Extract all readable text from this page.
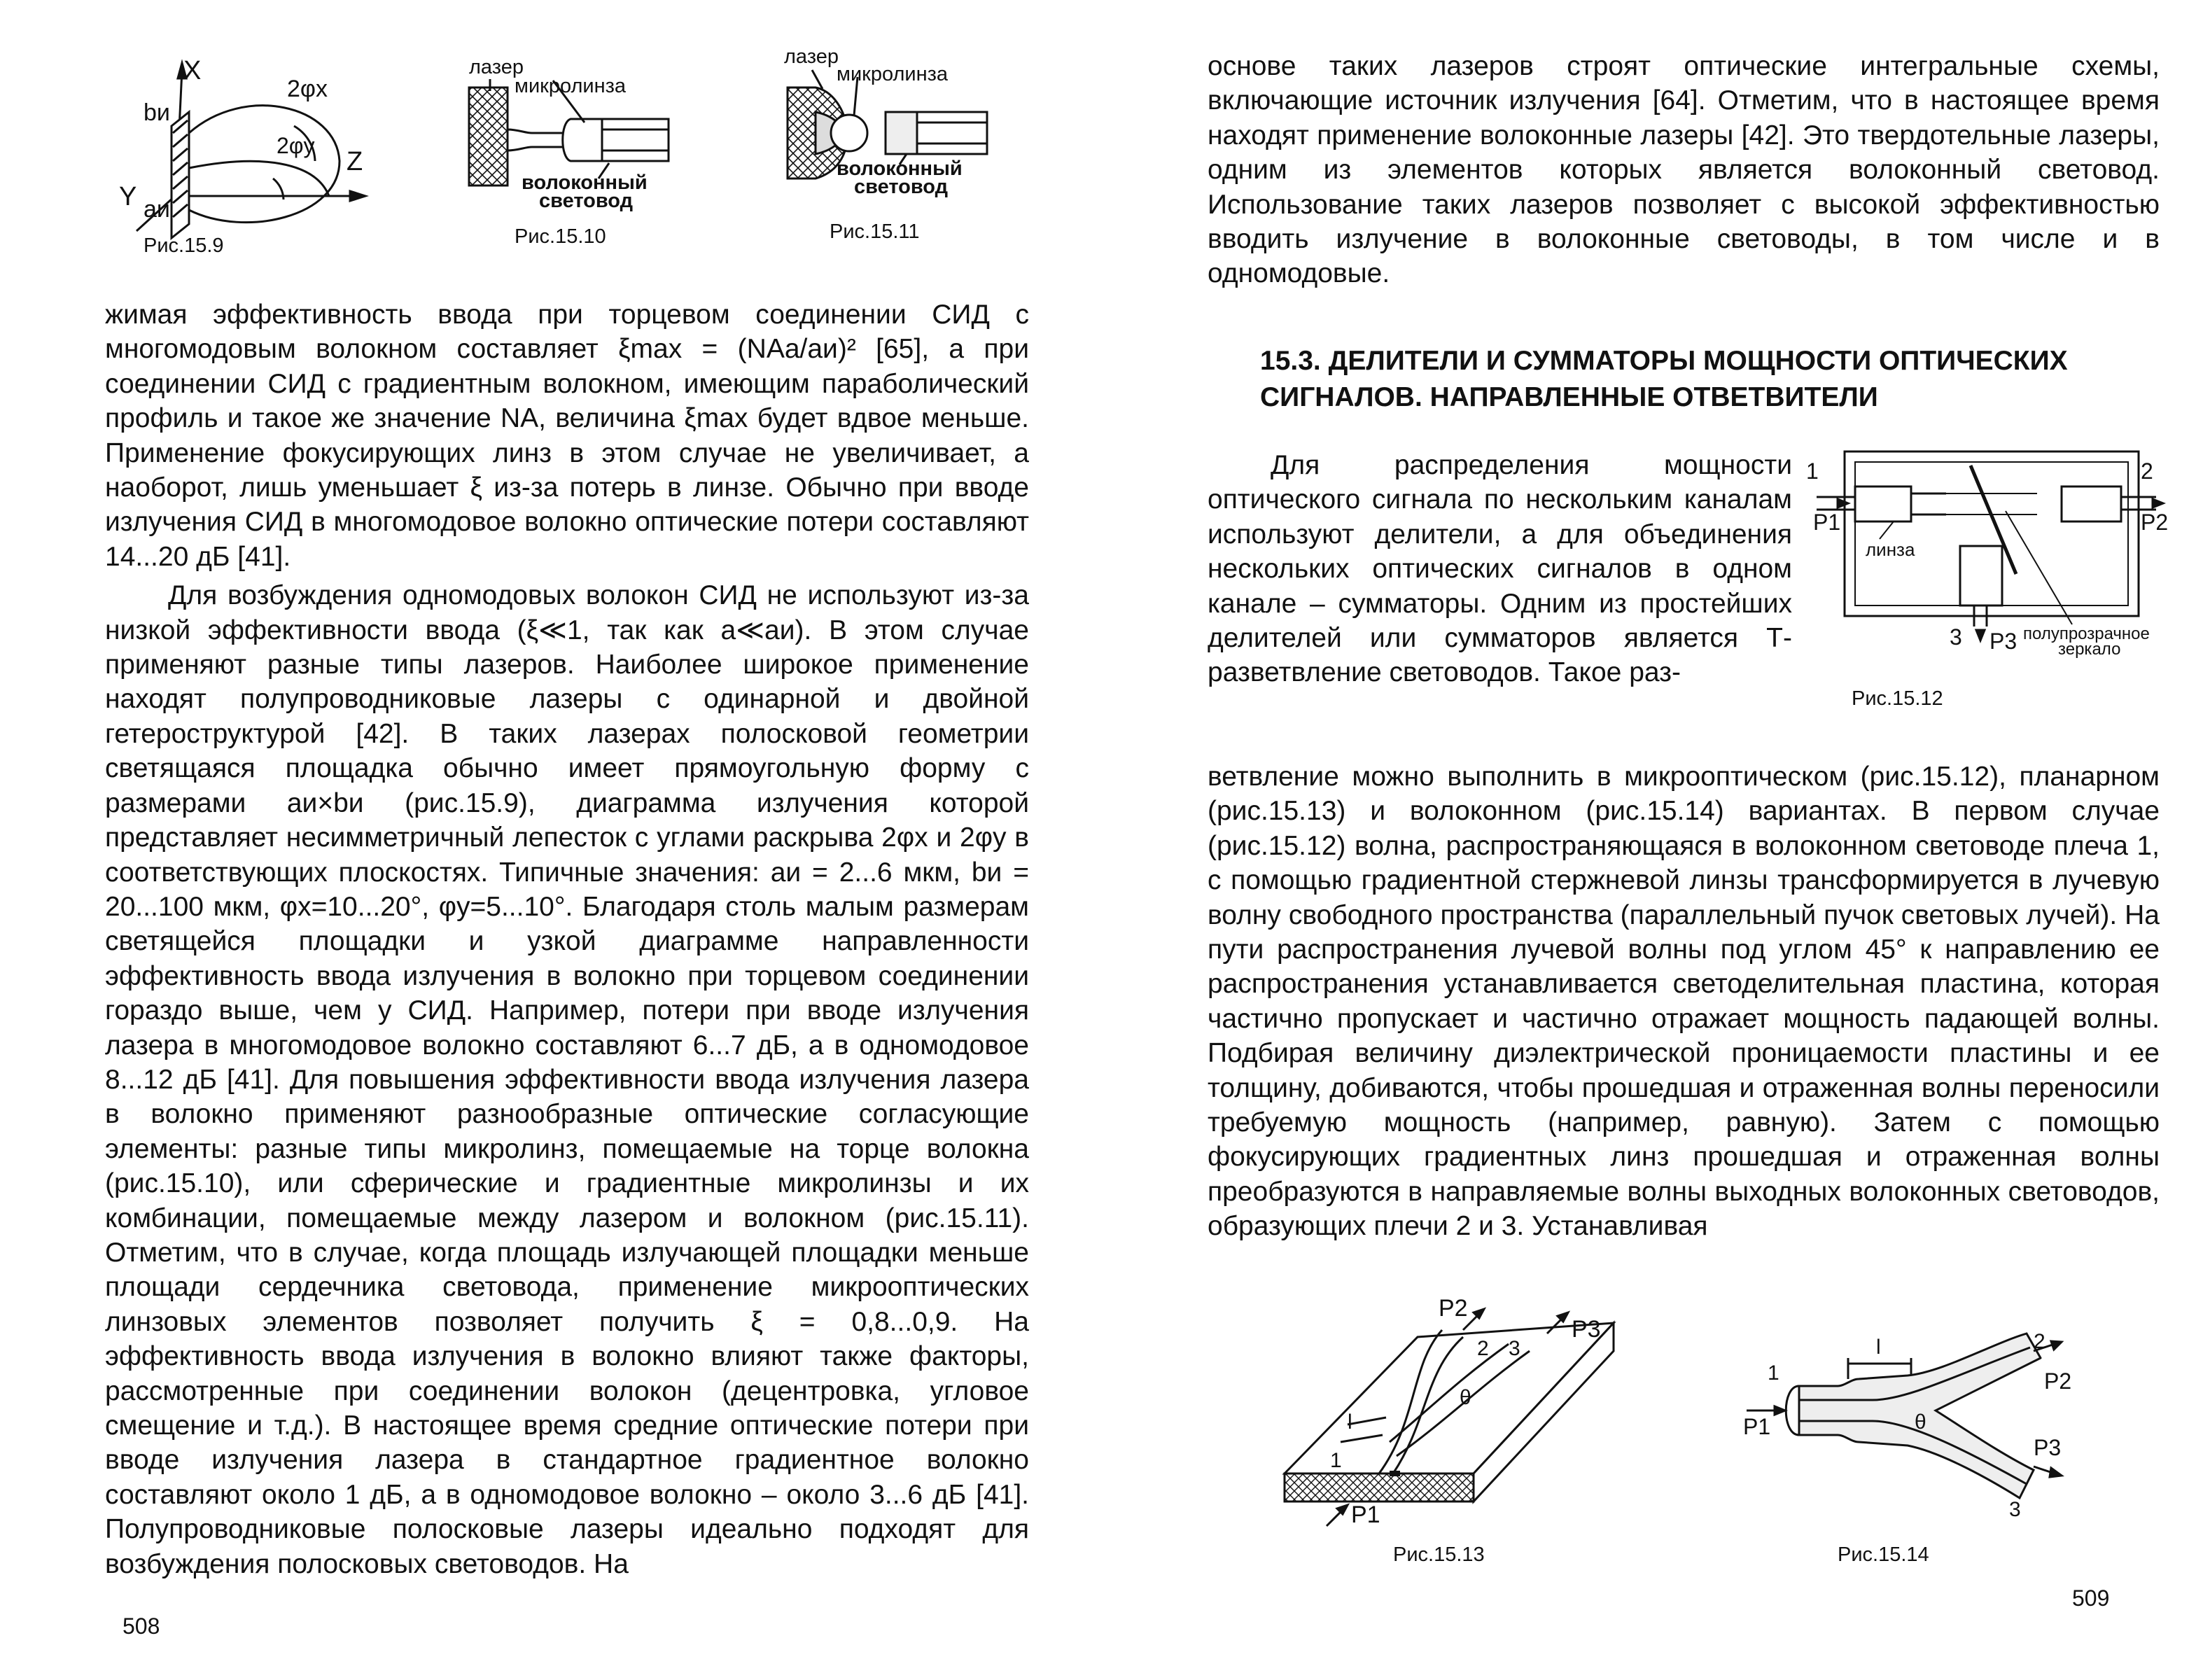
X
bи
2φx
2φy
Z
Y aи
Рис.15.9
лазер
микролинза
волоконный
световод
Рис.15.10
лазер
микролинза
волоконный
световод
Рис.15.11

жимая эффективность ввода при торцевом соединении СИД с многомодовым волокном составляет ξmax = (NAa/aи)² [65], а при соединении СИД с градиентным волокном, имеющим параболический профиль и такое же значение NA, величина ξmax будет вдвое меньше. Применение фокусирующих линз в этом случае не увеличивает, а наоборот, лишь уменьшает ξ из-за потерь в линзе. Обычно при вводе излучения СИД в многомодовое волокно оптические потери составляют 14...20 дБ [41].

Для возбуждения одномодовых волокон СИД не используют из-за низкой эффективности ввода (ξ≪1, так как a≪aи). В этом случае применяют разные типы лазеров. Наиболее широкое применение находят полупроводниковые лазеры с одинарной и двойной гетероструктурой [42]. В таких лазерах полосковой геометрии светящаяся площадка обычно имеет прямоугольную форму с размерами aи×bи (рис.15.9), диаграмма излучения которой представляет несимметричный лепесток с углами раскрыва 2φx и 2φy в соответствующих плоскостях. Типичные значения: aи = 2...6 мкм, bи = 20...100 мкм, φx=10...20°, φy=5...10°. Благодаря столь малым размерам светящейся площадки и узкой диаграмме направленности эффективность ввода излучения в волокно при торцевом соединении гораздо выше, чем у СИД. Например, потери при вводе излучения лазера в многомодовое волокно составляют 6...7 дБ, а в одномодовое 8...12 дБ [41]. Для повышения эффективности ввода излучения лазера в волокно применяют разнообразные оптические согласующие элементы: разные типы микролинз, помещаемые на торце волокна (рис.15.10), или сферические и градиентные микролинзы и их комбинации, помещаемые между лазером и волокном (рис.15.11). Отметим, что в случае, когда площадь излучающей площадки меньше площади сердечника световода, применение микрооптических линзовых элементов позволяет получить ξ = 0,8...0,9. На эффективность ввода излучения в волокно влияют также факторы, рассмотренные при соединении волокон (децентровка, угловое смещение и т.д.). В настоящее время средние оптические потери при вводе излучения лазера в стандартное градиентное волокно составляют около 1 дБ, а в одномодовое волокно – около 3...6 дБ [41]. Полупроводниковые полосковые лазеры идеально подходят для возбуждения полосковых световодов. На

508

основе таких лазеров строят оптические интегральные схемы, включающие источник излучения [64]. Отметим, что в настоящее время находят применение волоконные лазеры [42]. Это твердотельные лазеры, одним из элементов которых является волоконный световод. Использование таких лазеров позволяет с высокой эффективностью вводить излучение в волоконные световоды, в том числе и в одномодовые.

15.3. ДЕЛИТЕЛИ И СУММАТОРЫ МОЩНОСТИ ОПТИЧЕСКИХ
СИГНАЛОВ. НАПРАВЛЕННЫЕ ОТВЕТВИТЕЛИ

Для распределения мощности оптического сигнала по нескольким каналам используют делители, а для объединения нескольких оптических сигналов в одном канале – сумматоры. Одним из простейших делителей или сумматоров является Т-разветвление световодов. Такое раз-

1
P1
2
P2
линза
3 P3 полупрозрачное
зеркало
Рис.15.12

ветвление можно выполнить в микрооптическом (рис.15.12), планарном (рис.15.13) и волоконном (рис.15.14) вариантах. В первом случае (рис.15.12) волна, распространяющаяся в волоконном световоде плеча 1, с помощью градиентной стержневой линзы трансформируется в лучевую волну свободного пространства (параллельный пучок световых лучей). На пути распространения лучевой волны под углом 45° к направлению ее распространения устанавливается светоделительная пластина, которая частично пропускает и частично отражает мощность падающей волны. Подбирая величину диэлектрической проницаемости пластины и ее толщину, добиваются, чтобы прошедшая и отраженная волны переносили требуемую мощность (например, равную). Затем с помощью фокусирующих градиентных линз прошедшая и отраженная волны преобразуются в направляемые волны выходных волоконных световодов, образующих плечи 2 и 3. Устанавливая

P2
P3
2 3
θ
l
1
P1
Рис.15.13
1
P1
l
θ
2
P2
P3
3
Рис.15.14
509
